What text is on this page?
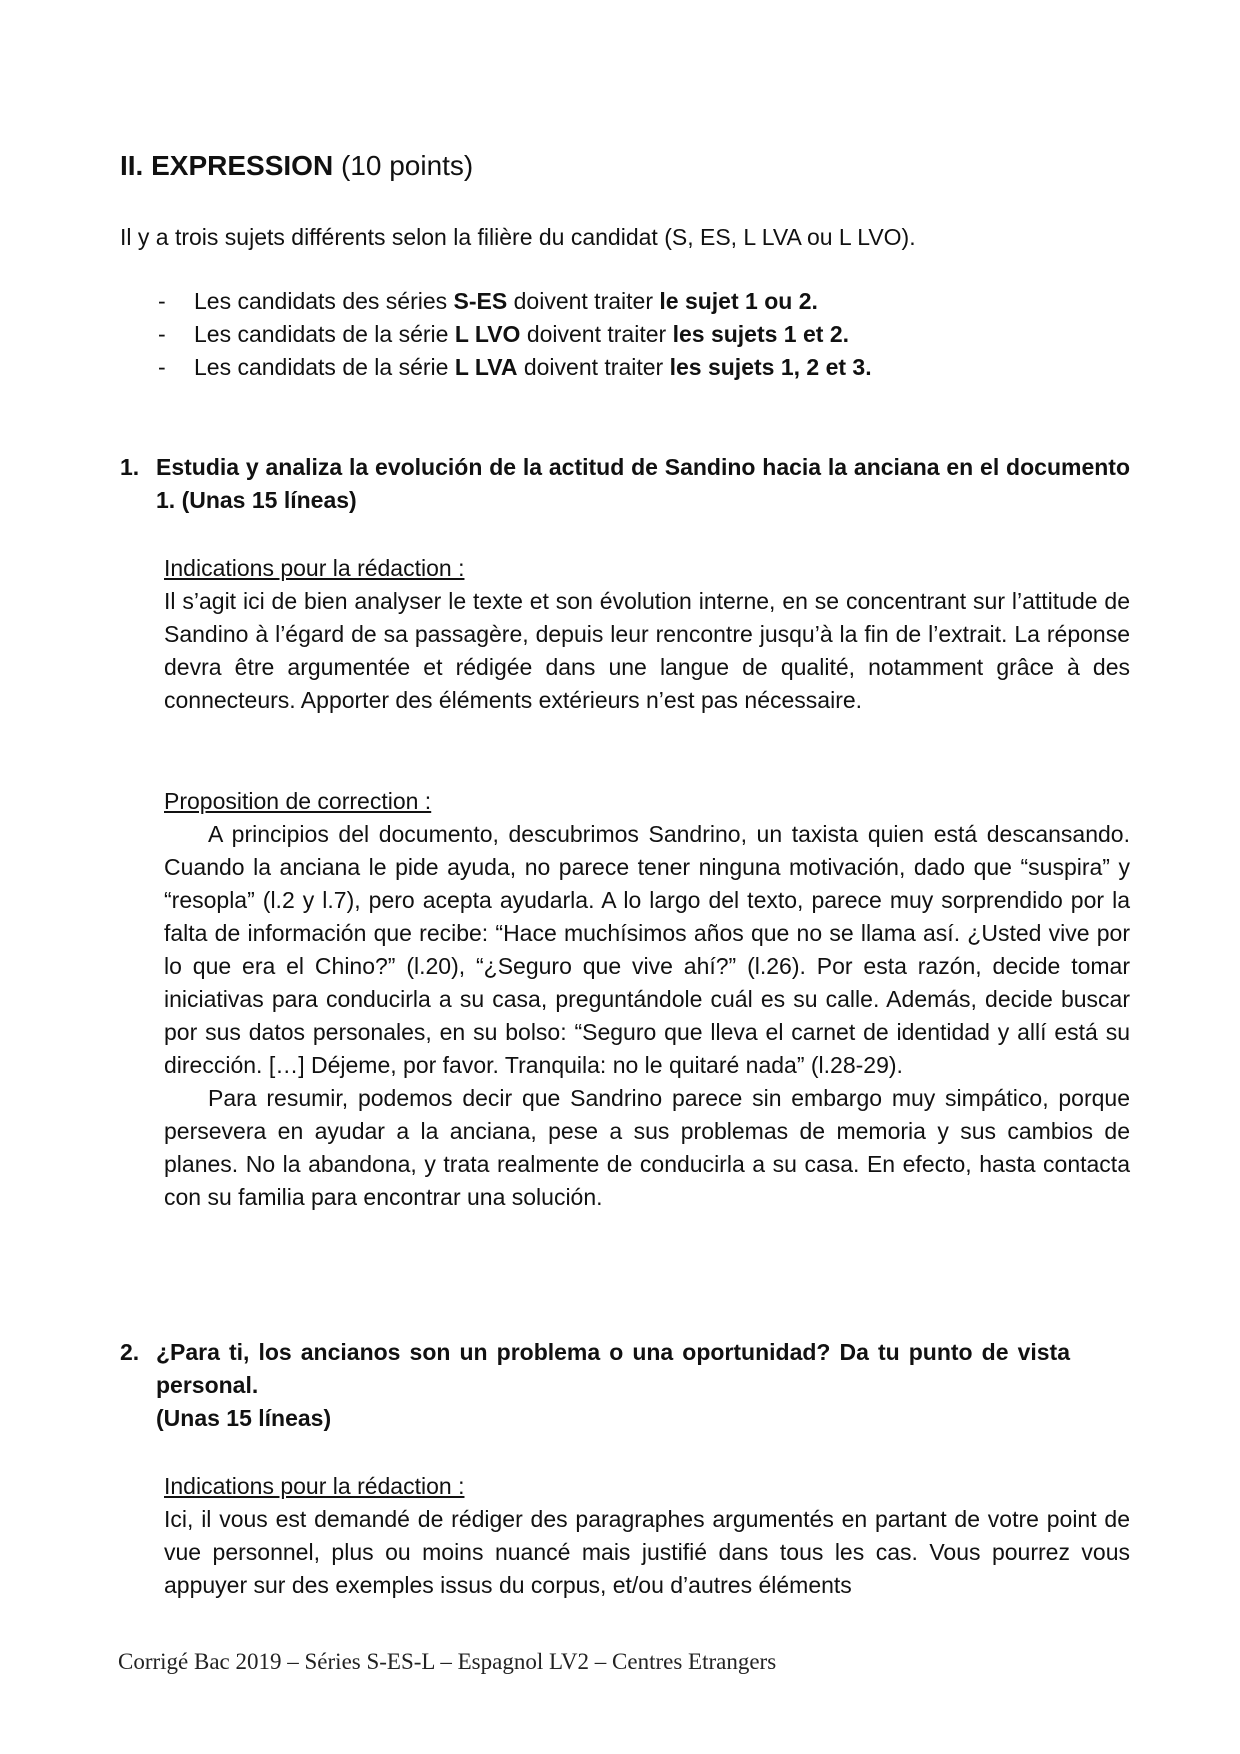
II. EXPRESSION (10 points)
Il y a trois sujets différents selon la filière du candidat (S, ES, L LVA ou L LVO).
- Les candidats des séries S-ES doivent traiter le sujet 1 ou 2.
- Les candidats de la série L LVO doivent traiter les sujets 1 et 2.
- Les candidats de la série L LVA doivent traiter les sujets 1, 2 et 3.
1. Estudia y analiza la evolución de la actitud de Sandino hacia la anciana en el documento 1. (Unas 15 líneas)
Indications pour la rédaction :

Il s’agit ici de bien analyser le texte et son évolution interne, en se concentrant sur l’attitude de Sandino à l’égard de sa passagère, depuis leur rencontre jusqu’à la fin de l’extrait. La réponse devra être argumentée et rédigée dans une langue de qualité, notamment grâce à des connecteurs. Apporter des éléments extérieurs n’est pas nécessaire.

Proposition de correction :

A principios del documento, descubrimos Sandrino, un taxista quien está descansando. Cuando la anciana le pide ayuda, no parece tener ninguna motivación, dado que “suspira” y “resopla” (l.2 y l.7), pero acepta ayudarla. A lo largo del texto, parece muy sorprendido por la falta de información que recibe: “Hace muchísimos años que no se llama así. ¿Usted vive por lo que era el Chino?” (l.20), “¿Seguro que vive ahí?” (l.26). Por esta razón, decide tomar iniciativas para conducirla a su casa, preguntándole cuál es su calle. Además, decide buscar por sus datos personales, en su bolso: “Seguro que lleva el carnet de identidad y allí está su dirección. […] Déjeme, por favor. Tranquila: no le quitaré nada” (l.28-29).

Para resumir, podemos decir que Sandrino parece sin embargo muy simpático, porque persevera en ayudar a la anciana, pese a sus problemas de memoria y sus cambios de planes. No la abandona, y trata realmente de conducirla a su casa. En efecto, hasta contacta con su familia para encontrar una solución.

2. ¿Para ti, los ancianos son un problema o una oportunidad? Da tu punto de vista personal.
(Unas 15 líneas)
Indications pour la rédaction :

Ici, il vous est demandé de rédiger des paragraphes argumentés en partant de votre point de vue personnel, plus ou moins nuancé mais justifié dans tous les cas. Vous pourrez vous appuyer sur des exemples issus du corpus, et/ou d’autres éléments

Corrigé Bac 2019 – Séries S-ES-L – Espagnol LV2 – Centres Etrangers
